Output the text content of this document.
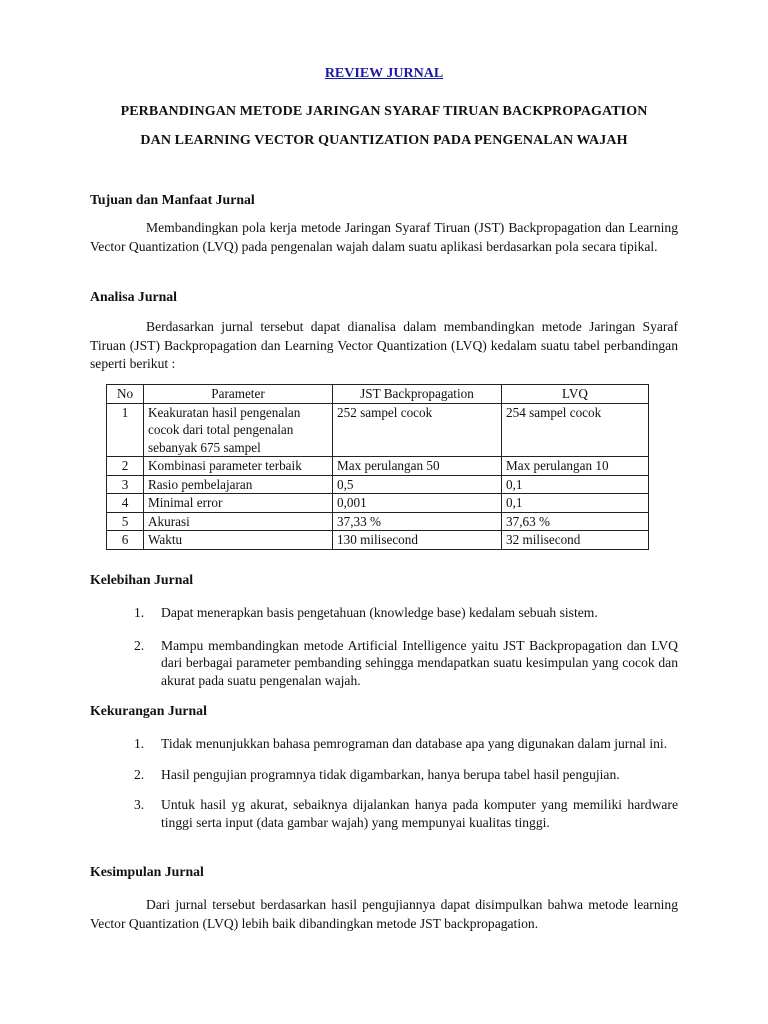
REVIEW JURNAL
PERBANDINGAN METODE JARINGAN SYARAF TIRUAN BACKPROPAGATION
DAN LEARNING VECTOR QUANTIZATION PADA PENGENALAN WAJAH
Tujuan dan Manfaat Jurnal

Membandingkan pola kerja metode Jaringan Syaraf Tiruan (JST) Backpropagation dan Learning Vector Quantization (LVQ) pada pengenalan wajah dalam suatu aplikasi berdasarkan pola secara tipikal.

Analisa Jurnal

Berdasarkan jurnal tersebut dapat dianalisa dalam membandingkan metode Jaringan Syaraf Tiruan (JST) Backpropagation dan Learning Vector Quantization (LVQ) kedalam suatu tabel perbandingan seperti berikut :

No	Parameter	JST Backpropagation	LVQ
1	Keakuratan hasil pengenalan cocok dari total pengenalan sebanyak 675 sampel	252 sampel cocok	254 sampel cocok
2	Kombinasi parameter terbaik	Max perulangan 50	Max perulangan 10
3	Rasio pembelajaran	0,5	0,1
4	Minimal error	0,001	0,1
5	Akurasi	37,33 %	37,63 %
6	Waktu	130 milisecond	32 milisecond
Kelebihan Jurnal
1. Dapat menerapkan basis pengetahuan (knowledge base) kedalam sebuah sistem.
2. Mampu membandingkan metode Artificial Intelligence yaitu JST Backpropagation dan LVQ dari berbagai parameter pembanding sehingga mendapatkan suatu kesimpulan yang cocok dan akurat pada suatu pengenalan wajah.
Kekurangan Jurnal
1. Tidak menunjukkan bahasa pemrograman dan database apa yang digunakan dalam jurnal ini.
2. Hasil pengujian programnya tidak digambarkan, hanya berupa tabel hasil pengujian.
3. Untuk hasil yg akurat, sebaiknya dijalankan hanya pada komputer yang memiliki hardware tinggi serta input (data gambar wajah) yang mempunyai kualitas tinggi.
Kesimpulan Jurnal

Dari jurnal tersebut berdasarkan hasil pengujiannya dapat disimpulkan bahwa metode learning Vector Quantization (LVQ) lebih baik dibandingkan metode JST backpropagation.
